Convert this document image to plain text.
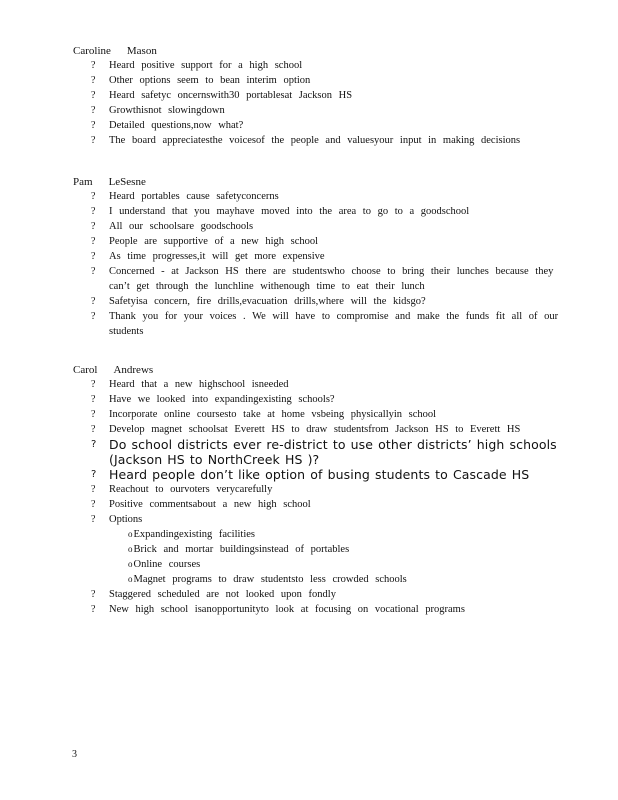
Caroline Mason
? Heard positive support for a high school
? Other options seem to bean interim option
? Heard safetyc oncernswith30 portablesat Jackson HS
? Growthisnot slowingdown
? Detailed questions,now what?
? The board appreciatesthe voicesof the people and valuesyour input in making decisions
Pam LeSesne
? Heard portables cause safetyconcerns
? I understand that you mayhave moved into the area to go to a goodschool
? All our schoolsare goodschools
? People are supportive of a new high school
? As time progresses,it will get more expensive
? Concerned - at Jackson HS there are studentswho choose to bring their lunches because they can’t get through the lunchline withenough time to eat their lunch
? Safetyisa concern, fire drills,evacuation drills,where will the kidsgo?
? Thank you for your voices . We will have to compromise and make the funds fit all of our students
Carol Andrews
? Heard that a new highschool isneeded
? Have we looked into expandingexisting schools?
? Incorporate online coursesto take at home vsbeing physicallyin school
? Develop magnet schoolsat Everett HS to draw studentsfrom Jackson HS to Everett HS
? Do school districts ever re-district to use other districts’ high schools (Jackson HS to NorthCreek HS )?
? Heard people don’t like option of busing students to Cascade HS
? Reachout to ourvoters verycarefully
? Positive commentsabout a new high school
? Options
o Expandingexisting facilities
o Brick and mortar buildingsinstead of portables
o Online courses
o Magnet programs to draw studentsto less crowded schools
? Staggered scheduled are not looked upon fondly
? New high school isanopportunityto look at focusing on vocational programs
3
